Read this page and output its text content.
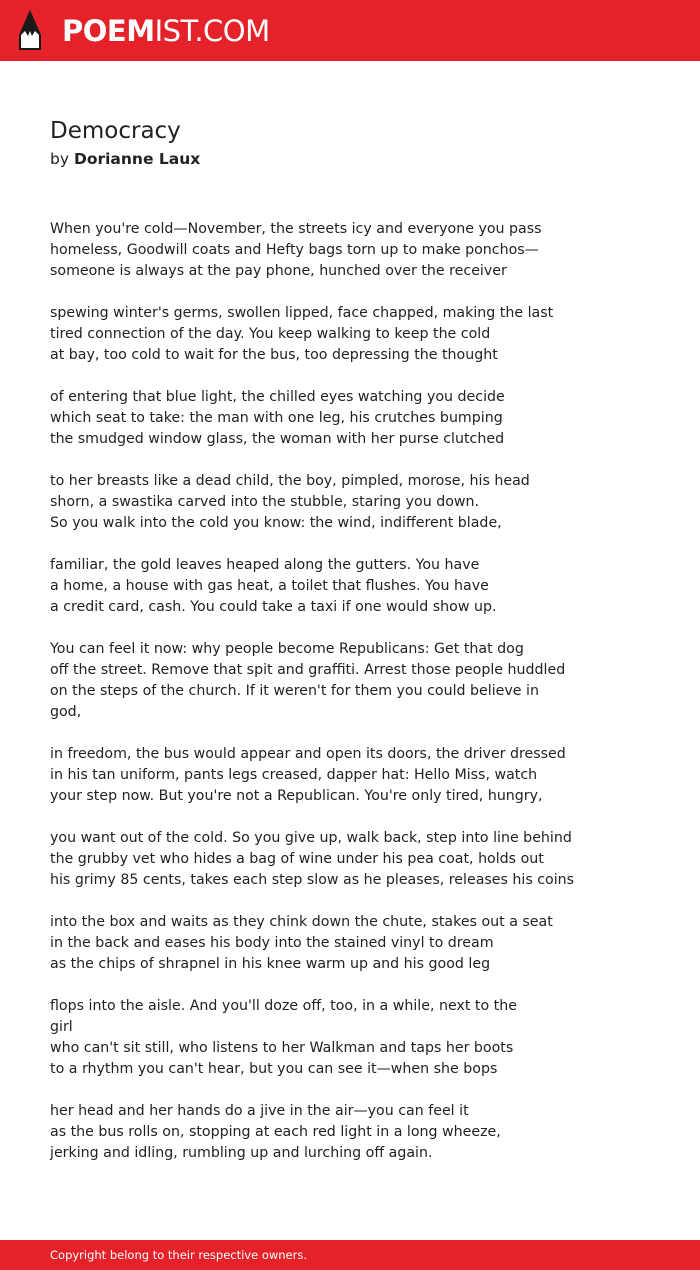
POEM IST.COM
Democracy
by Dorianne Laux
When you're cold—November, the streets icy and everyone you pass
homeless, Goodwill coats and Hefty bags torn up to make ponchos—
someone is always at the pay phone, hunched over the receiver
spewing winter's germs, swollen lipped, face chapped, making the last
tired connection of the day. You keep walking to keep the cold
at bay, too cold to wait for the bus, too depressing the thought
of entering that blue light, the chilled eyes watching you decide
which seat to take: the man with one leg, his crutches bumping
the smudged window glass, the woman with her purse clutched
to her breasts like a dead child, the boy, pimpled, morose, his head
shorn, a swastika carved into the stubble, staring you down.
So you walk into the cold you know: the wind, indifferent blade,
familiar, the gold leaves heaped along the gutters. You have
a home, a house with gas heat, a toilet that flushes. You have
a credit card, cash. You could take a taxi if one would show up.
You can feel it now: why people become Republicans: Get that dog
off the street. Remove that spit and graffiti. Arrest those people huddled
on the steps of the church. If it weren't for them you could believe in
god,
in freedom, the bus would appear and open its doors, the driver dressed
in his tan uniform, pants legs creased, dapper hat: Hello Miss, watch
your step now. But you're not a Republican. You're only tired, hungry,
you want out of the cold. So you give up, walk back, step into line behind
the grubby vet who hides a bag of wine under his pea coat, holds out
his grimy 85 cents, takes each step slow as he pleases, releases his coins
into the box and waits as they chink down the chute, stakes out a seat
in the back and eases his body into the stained vinyl to dream
as the chips of shrapnel in his knee warm up and his good leg
flops into the aisle. And you'll doze off, too, in a while, next to the
girl
who can't sit still, who listens to her Walkman and taps her boots
to a rhythm you can't hear, but you can see it—when she bops
her head and her hands do a jive in the air—you can feel it
as the bus rolls on, stopping at each red light in a long wheeze,
jerking and idling, rumbling up and lurching off again.
Copyright belong to their respective owners.
